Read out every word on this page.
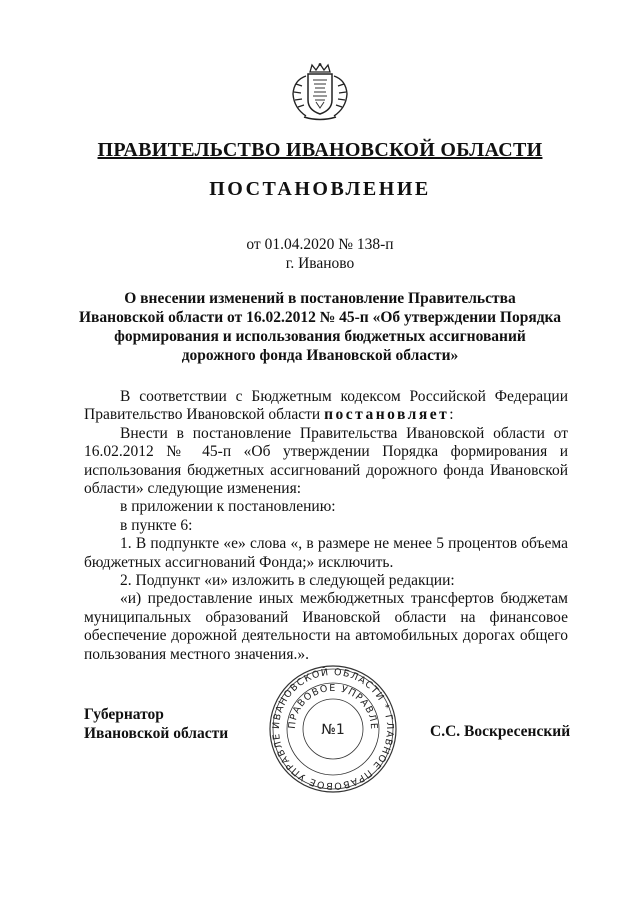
ПРАВИТЕЛЬСТВО ИВАНОВСКОЙ ОБЛАСТИ
ПОСТАНОВЛЕНИЕ
от 01.04.2020 № 138-п
г. Иваново
О внесении изменений в постановление Правительства
Ивановской области от 16.02.2012 № 45-п «Об утверждении Порядка
формирования и использования бюджетных ассигнований
дорожного фонда Ивановской области»

В соответствии с Бюджетным кодексом Российской Федерации Правительство Ивановской области постановляет:

Внести в постановление Правительства Ивановской области от 16.02.2012 № 45-п «Об утверждении Порядка формирования и использования бюджетных ассигнований дорожного фонда Ивановской области» следующие изменения:

в приложении к постановлению:

в пункте 6:

1. В подпункте «е» слова «, в размере не менее 5 процентов объема бюджетных ассигнований Фонда;» исключить.

2. Подпункт «и» изложить в следующей редакции:

«и) предоставление иных межбюджетных трансфертов бюджетам муниципальных образований Ивановской области на финансовое обеспечение дорожной деятельности на автомобильных дорогах общего пользования местного значения.».

Губернатор
Ивановской области
ИВАНОВСКОЙ ОБЛАСТИ * ГЛАВНОЕ ПРАВОВОЕ УПРАВЛЕ
ПРАВОВОЕ УПРАВЛЕ
№1	С.С. Воскресенский
